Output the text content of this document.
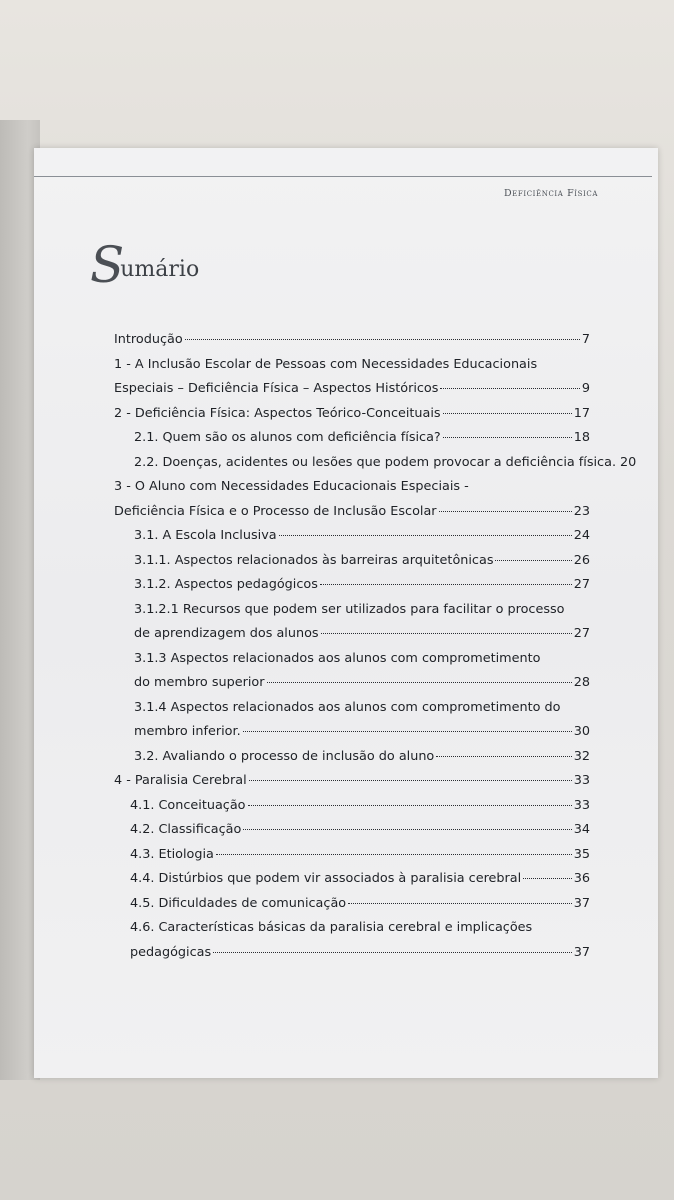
Deficiência Física
Sumário
Introdução	7
1 - A Inclusão Escolar de Pessoas com Necessidades Educacionais
Especiais – Deficiência Física – Aspectos Históricos	9
2 - Deficiência Física: Aspectos Teórico-Conceituais	17
2.1. Quem são os alunos com deficiência física?	18
2.2. Doenças, acidentes ou lesões que podem provocar a deficiência física. 20
3 - O Aluno com Necessidades Educacionais Especiais -
Deficiência Física e o Processo de Inclusão Escolar	23
3.1. A Escola Inclusiva	24
3.1.1. Aspectos relacionados às barreiras arquitetônicas	26
3.1.2. Aspectos pedagógicos	27
3.1.2.1 Recursos que podem ser utilizados para facilitar o processo
de aprendizagem dos alunos	27
3.1.3 Aspectos relacionados aos alunos com comprometimento
do membro superior	28
3.1.4 Aspectos relacionados aos alunos com comprometimento do
membro inferior.	30
3.2. Avaliando o processo de inclusão do aluno	32
4 - Paralisia Cerebral	33
4.1. Conceituação	33
4.2. Classificação	34
4.3. Etiologia	35
4.4. Distúrbios que podem vir associados à paralisia cerebral	36
4.5. Dificuldades de comunicação	37
4.6. Características básicas da paralisia cerebral e implicações
pedagógicas	37
